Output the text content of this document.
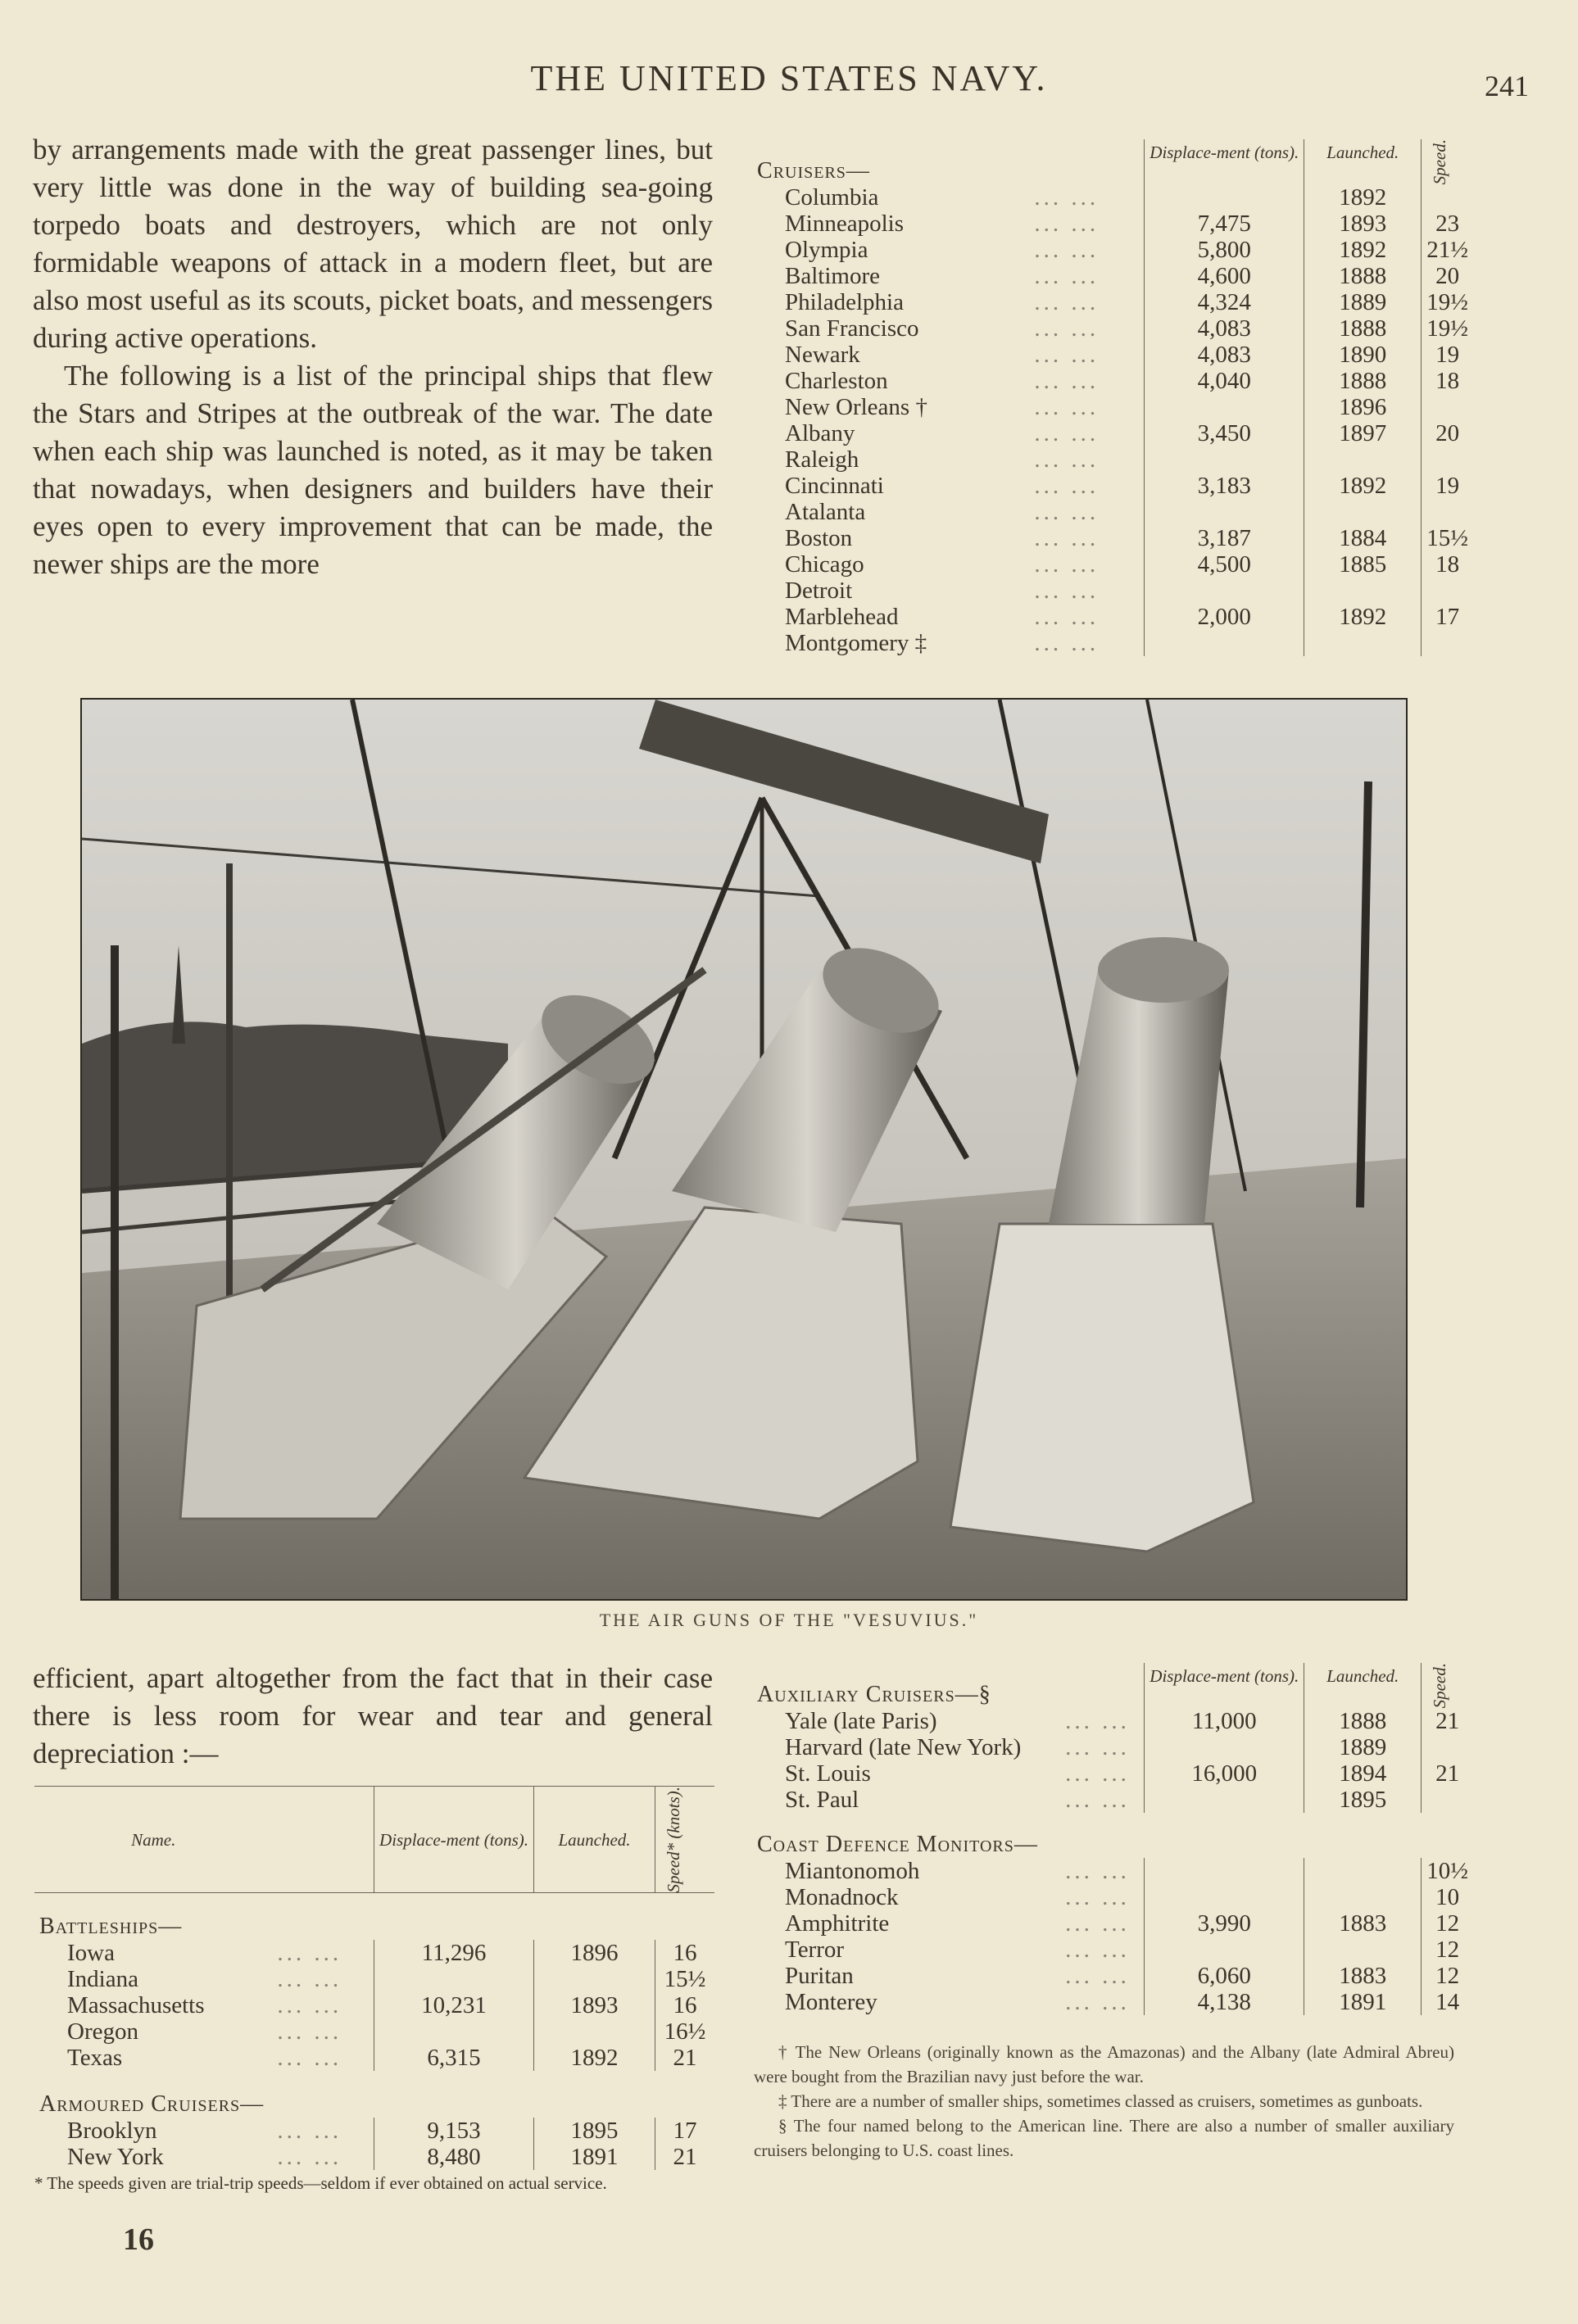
THE UNITED STATES NAVY.	241

by arrangements made with the great passenger lines, but very little was done in the way of building sea-going torpedo boats and destroyers, which are not only formidable weapons of attack in a modern fleet, but are also most useful as its scouts, picket boats, and messengers during active operations.

The following is a list of the principal ships that flew the Stars and Stripes at the outbreak of the war. The date when each ship was launched is noted, as it may be taken that nowadays, when designers and builders have their eyes open to every improvement that can be made, the newer ships are the more

Cruisers—		Displace-ment (tons).	Launched.	Speed.

Columbia	... ...		1892	
Minneapolis	... ...	7,475	1893	23
Olympia	... ...	5,800	1892	21½
Baltimore	... ...	4,600	1888	20
Philadelphia	... ...	4,324	1889	19½
San Francisco	... ...	4,083	1888	19½
Newark	... ...	4,083	1890	19
Charleston	... ...	4,040	1888	18
New Orleans †	... ...		1896	
Albany	... ...	3,450	1897	20
Raleigh	... ...			
Cincinnati	... ...	3,183	1892	19
Atalanta	... ...			
Boston	... ...	3,187	1884	15½
Chicago	... ...	4,500	1885	18
Detroit	... ...			
Marblehead	... ...	2,000	1892	17
Montgomery ‡	... ...			
THE AIR GUNS OF THE "VESUVIUS."

efficient, apart altogether from the fact that in their case there is less room for wear and tear and general depreciation :—

Name.		Displace-ment (tons).	Launched.	Speed* (knots).

Battleships—				
Iowa	... ...	11,296	1896	16
Indiana	... ...			15½
Massachusetts	... ...	10,231	1893	16
Oregon	... ...			16½
Texas	... ...	6,315	1892	21

Armoured Cruisers—				
Brooklyn	... ...	9,153	1895	17
New York	... ...	8,480	1891	21
* The speeds given are trial-trip speeds—seldom if ever obtained on actual service.
16
Auxiliary Cruisers—§		Displace-ment (tons).	Launched.	Speed.

Yale (late Paris)	... ...	11,000	1888	21
Harvard (late New York)	... ...		1889	
St. Louis	... ...	16,000	1894	21
St. Paul	... ...		1895	

Coast Defence Monitors—				
Miantonomoh	... ...			10½
Monadnock	... ...			10
Amphitrite	... ...	3,990	1883	12
Terror	... ...			12
Puritan	... ...	6,060	1883	12
Monterey	... ...	4,138	1891	14

† The New Orleans (originally known as the Amazonas) and the Albany (late Admiral Abreu) were bought from the Brazilian navy just before the war.

‡ There are a number of smaller ships, sometimes classed as cruisers, sometimes as gunboats.

§ The four named belong to the American line. There are also a number of smaller auxiliary cruisers belonging to U.S. coast lines.
